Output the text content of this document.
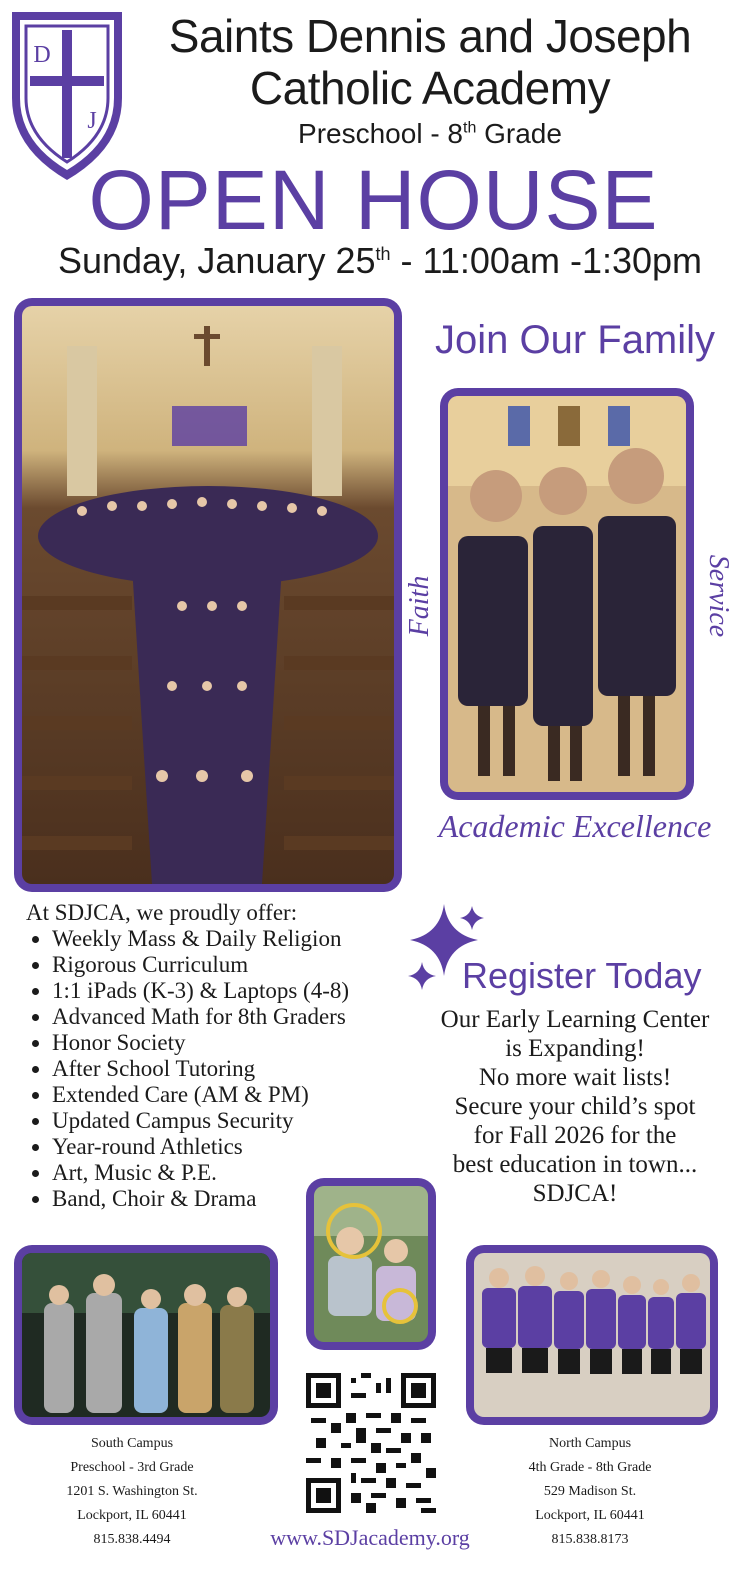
D
J
Saints Dennis and Joseph
Catholic Academy
Preschool - 8th Grade
OPEN HOUSE
Sunday, January 25th - 11:00am -1:30pm
Join Our Family
Faith	Service
Academic Excellence
At SDJCA, we proudly offer:
• Weekly Mass & Daily Religion
• Rigorous Curriculum
• 1:1 iPads (K-3) & Laptops (4-8)
• Advanced Math for 8th Graders
• Honor Society
• After School Tutoring
• Extended Care (AM & PM)
• Updated Campus Security
• Year-round Athletics
• Art, Music & P.E.
• Band, Choir & Drama
Register Today
Our Early Learning Center
is Expanding!
No more wait lists!
Secure your child’s spot
for Fall 2026 for the
best education in town...
SDJCA!
South Campus
Preschool - 3rd Grade
1201 S. Washington St.
Lockport, IL 60441
815.838.4494
North Campus
4th Grade - 8th Grade
529 Madison St.
Lockport, IL 60441
815.838.8173
www.SDJacademy.org
